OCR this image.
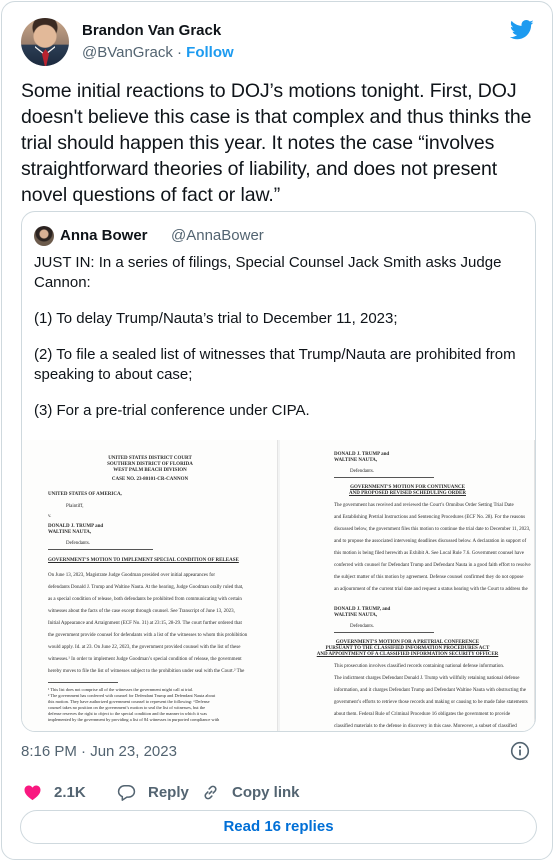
Brandon Van Grack
@BVanGrack · Follow
Some initial reactions to DOJ’s motions tonight. First, DOJ doesn't believe this case is that complex and thus thinks the trial should happen this year. It notes the case “involves straightforward theories of liability, and does not present novel questions of fact or law.”
Anna Bower @AnnaBower

JUST IN: In a series of filings, Special Counsel Jack Smith asks Judge Cannon:

(1) To delay Trump/Nauta’s trial to December 11, 2023;

(2) To file a sealed list of witnesses that Trump/Nauta are prohibited from speaking to about case;

(3) For a pre-trial conference under CIPA.

UNITED STATES DISTRICT COURT
SOUTHERN DISTRICT OF FLORIDA
WEST PALM BEACH DIVISION
CASE NO. 23-80101-CR-CANNON
UNITED STATES OF AMERICA,
Plaintiff,
v.
DONALD J. TRUMP and
WALTINE NAUTA,
Defendants.
GOVERNMENT’S MOTION TO IMPLEMENT SPECIAL CONDITION OF RELEASE
On June 13, 2023, Magistrate Judge Goodman presided over initial appearances for
defendants Donald J. Trump and Waltine Nauta. At the hearing, Judge Goodman orally ruled that,
as a special condition of release, both defendants be prohibited from communicating with certain
witnesses about the facts of the case except through counsel. See Transcript of June 13, 2023,
Initial Appearance and Arraignment (ECF No. 31) at 23:15, 28-29. The court further ordered that
the government provide counsel for defendants with a list of the witnesses to whom this prohibition
would apply. Id. at 23. On June 22, 2023, the government provided counsel with the list of these
witnesses.¹ In order to implement Judge Goodman’s special condition of release, the government
hereby moves to file the list of witnesses subject to the prohibition under seal with the Court.² The
¹ This list does not comprise all of the witnesses the government might call at trial.
² The government has conferred with counsel for Defendant Trump and Defendant Nauta about
this motion. They have authorized government counsel to represent the following: “Defense
counsel takes no position on the government’s motion to seal the list of witnesses, but the
defense reserves the right to object to the special condition and the manner in which it was
implemented by the government by providing a list of 84 witnesses in purported compliance with
DONALD J. TRUMP and
WALTINE NAUTA,
Defendants.
GOVERNMENT’S MOTION FOR CONTINUANCE
AND PROPOSED REVISED SCHEDULING ORDER
The government has received and reviewed the Court’s Omnibus Order Setting Trial Date
and Establishing Pretrial Instructions and Sentencing Procedures (ECF No. 28). For the reasons
discussed below, the government files this motion to continue the trial date to December 11, 2023,
and to propose the associated intervening deadlines discussed below. A declaration in support of
this motion is being filed herewith as Exhibit A. See Local Rule 7.6. Government counsel have
conferred with counsel for Defendant Trump and Defendant Nauta in a good faith effort to resolve
the subject matter of this motion by agreement. Defense counsel confirmed they do not oppose
an adjournment of the current trial date and request a status hearing with the Court to address the
DONALD J. TRUMP, and
WALTINE NAUTA,
Defendants.
GOVERNMENT’S MOTION FOR A PRETRIAL CONFERENCE
PURSUANT TO THE CLASSIFIED INFORMATION PROCEDURES ACT
AND APPOINTMENT OF A CLASSIFIED INFORMATION SECURITY OFFICER
This prosecution involves classified records containing national defense information.
The indictment charges Defendant Donald J. Trump with willfully retaining national defense
information, and it charges Defendant Trump and Defendant Waltine Nauta with obstructing the
government’s efforts to retrieve those records and making or causing to be made false statements
about them. Federal Rule of Criminal Procedure 16 obligates the government to provide
classified materials to the defense in discovery in this case. Moreover, a subset of classified
8:16 PM · Jun 23, 2023
2.1K	Reply	Copy link
Read 16 replies
